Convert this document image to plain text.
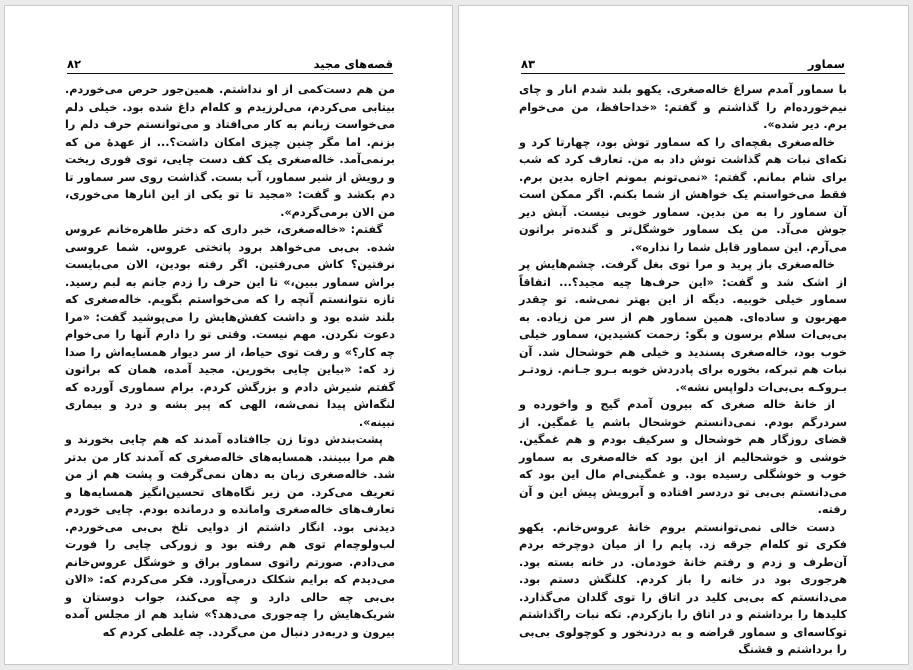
قصه‌های مجید
۸۲

من هم دست‌کمی از او نداشتم. همین‌جور حرص می‌خوردم. بیتابی می‌کردم، می‌لرزیدم و کله‌ام داغ شده بود. خیلی دلم می‌خواست زبانم به کار می‌افتاد و می‌توانستم حرف دلم را بزنم. اما مگر چنین چیزی امکان داشت؟... از عهدهٔ من که برنمی‌آمد. خاله‌صغری یک کف دست چایی، توی فوری ریخت و رویش از شیر سماور، آب بست. گذاشت روی سر سماور تا دم بکشد و گفت: «مجید تا تو یکی از این انارها می‌خوری، من الان برمی‌گردم».

گفتم: «خاله‌صغری، خبر داری که دختر طاهره‌خانم عروس شده. بی‌بی می‌خواهد برود پاتختی عروس. شما عروسی نرفتین؟ کاش می‌رفتین. اگر رفته بودین، الان می‌بایست براش سماور ببین،» تا این حرف را زدم جانم به لبم رسید. تازه نتوانستم آنچه را که می‌خواستم بگویم. خاله‌صغری که بلند شده بود و داشت کفش‌هایش را می‌پوشید گفت: «مرا دعوت نکردن. مهم نیست. وقتی تو را دارم آنها را می‌خوام چه کار؟» و رفت توی حیاط، از سر دیوار همسایه‌اش را صدا زد که: «بیاین چایی بخورین. مجید آمده، همان که براتون گفتم شیرش دادم و بزرگش کردم. برام سماوری آورده که لنگه‌اش پیدا نمی‌شه، الهی که پیر بشه و درد و بیماری نبینه».

پشت‌بندش دوتا زن جاافتاده آمدند که هم چایی بخورند و هم مرا ببینند. همسایه‌های خاله‌صغری که آمدند کار من بدتر شد. خاله‌صغری زبان به دهان نمی‌گرفت و پشت هم از من تعریف می‌کرد. من زیر نگاه‌های تحسین‌انگیز همسایه‌ها و تعارف‌های خاله‌صغری وامانده و درمانده بودم. چایی خوردم دیدنی بود. انگار داشتم از دوایی تلخ بی‌بی می‌خوردم. لب‌ولوچه‌ام توی هم رفته بود و زورکی چایی را فورت می‌دادم. صورتم راتوی سماور براق و خوشگل عروس‌خانم می‌دیدم که برایم شکلک درمی‌آورد. فکر می‌کردم که: «الان بی‌بی چه حالی دارد و چه می‌کند، جواب دوستان و شریک‌هایش را چه‌جوری می‌دهد؟» شاید هم از مجلس آمده بیرون و دربه‌در دنبال من می‌گردد. چه غلطی کردم که

سماور
۸۳

با سماور آمدم سراغ خاله‌صغری. یکهو بلند شدم انار و چای نیم‌خورده‌ام را گذاشتم و گفتم: «خداحافظ، من می‌خوام برم. دیر شده».

خاله‌صغری بقچه‌ای را که سماور توش بود، چهارتا کرد و تکه‌ای نبات هم گذاشت توش داد به من. تعارف کرد که شب برای شام بمانم. گفتم: «نمی‌تونم بمونم اجازه بدین برم. فقط می‌خواستم یک خواهش از شما بکنم. اگر ممکن است آن سماور را به من بدین. سماور خوبی نیست. آبش دیر جوش می‌آد. من یک سماور خوشگل‌تر و گنده‌تر براتون می‌آرم. این سماور قابل شما را نداره».

خاله‌صغری باز پرید و مرا توی بغل گرفت. چشم‌هایش پر از اشک شد و گفت: «این حرف‌ها چیه مجید؟... اتفاقاً سماور خیلی خوبیه. دیگه از این بهتر نمی‌شه. تو چقدر مهربون و ساده‌ای. همین سماور هم از سر من زیاده. به بی‌بی‌ات سلام برسون و بگو: زحمت کشیدین، سماور خیلی خوب بود، خاله‌صغری پسندید و خیلی هم خوشحال شد. آن نبات هم تبرکه، بخوره برای پادردش خوبه بـرو جـانم. زودتـر بـروکـه بی‌بی‌ات دلواپس نشه».

از خانهٔ خاله صغری که بیرون آمدم گیج و واخورده و سردرگم بودم. نمی‌دانستم خوشحال باشم یا غمگین. از قضای روزگار هم خوشحال و سرکیف بودم و هم غمگین. خوشی و خوشحالیم از این بود که خاله‌صغری به سماور خوب و خوشگلی رسیده بود. و غمگینی‌ام مال این بود که می‌دانستم بی‌بی تو دردسر افتاده و آبرویش پیش این و آن رفته.

دست خالی نمی‌توانستم بروم خانهٔ عروس‌خانم. یکهو فکری تو کله‌ام جرقه زد. پایم را از میان دوچرخه بردم آن‌طرف و زدم و رفتم خانهٔ خودمان. در خانه بسته بود. هرجوری بود در خانه را باز کردم. کلنگش دستم بود. می‌دانستم که بی‌بی کلید در اتاق را توی گلدان می‌گذارد. کلیدها را برداشتم و در اتاق را بازکردم. تکه نبات راگذاشتم توکاسه‌ای و سماور قراضه و به دردنخور و کوچولوی بی‌بی را برداشتم و قشنگ
